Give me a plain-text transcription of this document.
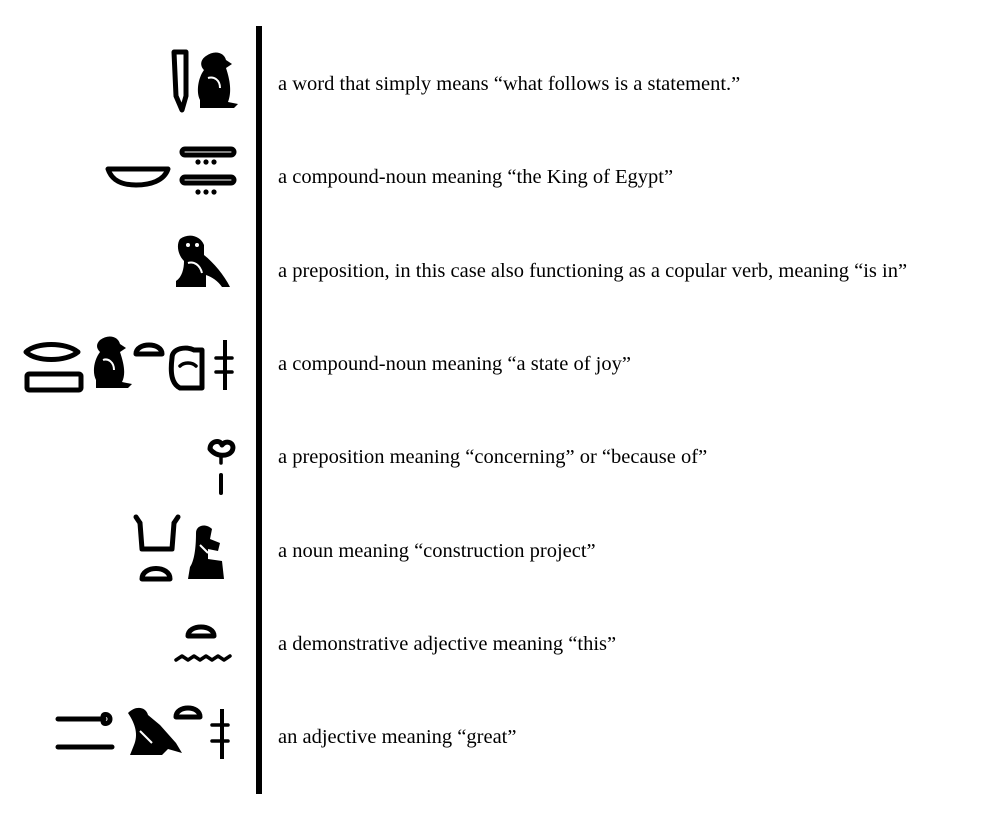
a word that simply means “what follows is a statement.”
a compound-noun meaning “the King of Egypt”
a preposition, in this case also functioning as a copular verb, meaning “is in”
a compound-noun meaning “a state of joy”
a preposition meaning “concerning” or “because of”
a noun meaning “construction project”
a demonstrative adjective meaning “this”
an adjective meaning “great”
